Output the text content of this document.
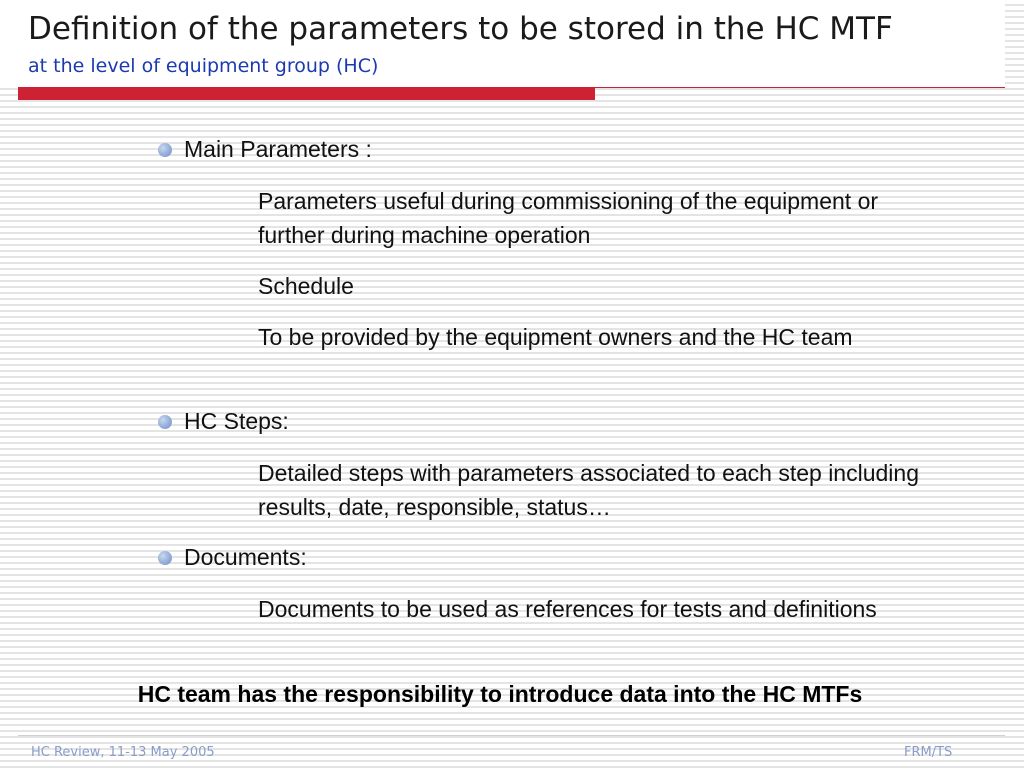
Definition of the parameters to be stored in the HC MTF
at the level of equipment group (HC)
Main Parameters :
Parameters useful during commissioning of the equipment or further during machine operation
Schedule
To be provided by the equipment owners and the HC team
HC Steps:
Detailed steps with parameters associated to each step including results, date, responsible, status…
Documents:
Documents to be used as references for tests and definitions
HC team has the responsibility to introduce data into the HC MTFs
HC Review, 11-13 May 2005	FRM/TS
